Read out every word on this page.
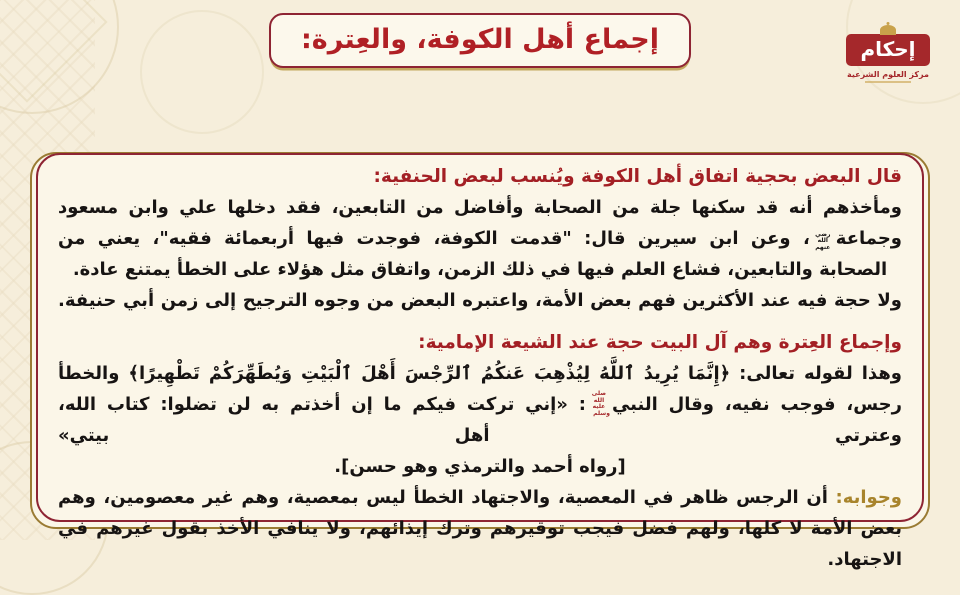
إجماع أهل الكوفة، والعِترة:	إحكام
مركز العلوم الشرعية

قال البعض بحجية اتفاق أهل الكوفة ويُنسب لبعض الحنفية:

ومأخذهم أنه قد سكنها جلة من الصحابة وأفاضل من التابعين، فقد دخلها علي وابن مسعود وجماعةرضي الله عنهم، وعن ابن سيرين قال: "قدمت الكوفة، فوجدت فيها أربعمائة فقيه"، يعني من الصحابة والتابعين، فشاع العلم فيها في ذلك الزمن، واتفاق مثل هؤلاء على الخطأ يمتنع عادة.

ولا حجة فيه عند الأكثرين فهم بعض الأمة، واعتبره البعض من وجوه الترجيح إلى زمن أبي حنيفة.

وإجماع العِترة وهم آل البيت حجة عند الشيعة الإمامية:

وهذا لقوله تعالى: ﴿إِنَّمَا يُرِيدُ ٱللَّهُ لِيُذْهِبَ عَنكُمُ ٱلرِّجْسَ أَهْلَ ٱلْبَيْتِ وَيُطَهِّرَكُمْ تَطْهِيرًا﴾ والخطأ رجس، فوجب نفيه، وقال النبيصلى الله عليه وسلم: «إني تركت فيكم ما إن أخذتم به لن تضلوا: كتاب الله، وعترتي أهل بيتي»

[رواه أحمد والترمذي وهو حسن].

وجوابه: أن الرجس ظاهر في المعصية، والاجتهاد الخطأ ليس بمعصية، وهم غير معصومين، وهم بعض الأمة لا كلها، ولهم فضل فيجب توقيرهم وترك إيذائهم، ولا ينافي الأخذ بقول غيرهم في الاجتهاد.
